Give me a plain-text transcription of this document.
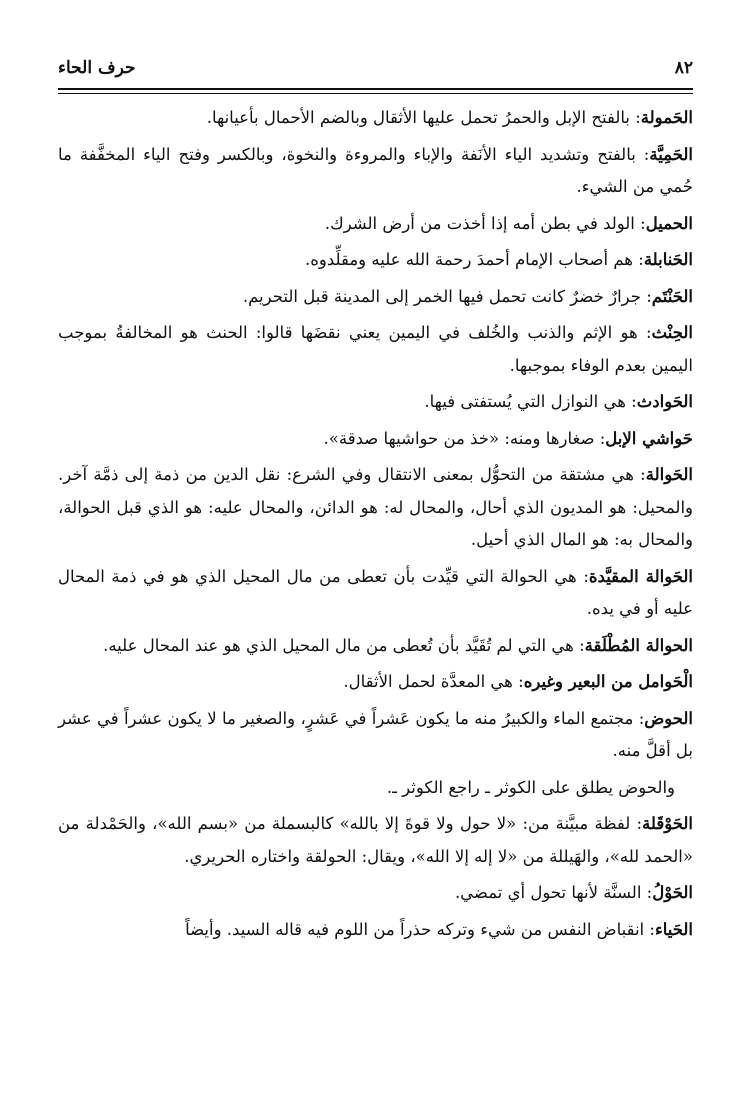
٨٢
حرف الحاء

الحَمولة: بالفتح الإبل والحمرُ تحمل عليها الأثقال وبالضم الأحمال بأعيانها.

الحَمِيَّة: بالفتح وتشديد الياء الأنَفة والإباء والمروءة والنخوة، وبالكسر وفتح الياء المخفَّفة ما حُمي من الشيء.

الحميل: الولد في بطن أمه إذا أخذت من أرض الشرك.

الحَنابلة: هم أصحاب الإمام أحمدَ رحمة الله عليه ومقلِّدوه.

الحَنْتَم: جرارٌ خضرٌ كانت تحمل فيها الخمر إلى المدينة قبل التحريم.

الحِنْث: هو الإثم والذنب والخُلف في اليمين يعني نقضَها قالوا: الحنث هو المخالفةُ بموجب اليمين بعدم الوفاء بموجبها.

الحَوادث: هي النوازل التي يُستفتى فيها.

حَواشي الإبل: صغارها ومنه: «خذ من حواشيها صدقة».

الحَوالة: هي مشتقة من التحوُّل بمعنى الانتقال وفي الشرع: نقل الدين من ذمة إلى ذمَّة آخر. والمحيل: هو المديون الذي أحال، والمحال له: هو الدائن، والمحال عليه: هو الذي قبل الحوالة، والمحال به: هو المال الذي أحيل.

الحَوالة المقيَّدة: هي الحوالة التي قيِّدت بأن تعطى من مال المحيل الذي هو في ذمة المحال عليه أو في يده.

الحوالة المُطْلَقة: هي التي لم تُقَيَّد بأن تُعطى من مال المحيل الذي هو عند المحال عليه.

الْحَوامل من البعير وغيره: هي المعدَّة لحمل الأثقال.

الحوض: مجتمع الماء والكبيرُ منه ما يكون عَشراً في عَشرٍ، والصغير ما لا يكون عشراً في عشر بل أقلَّ منه.

والحوض يطلق على الكوثر ـ راجع الكوثر ـ.

الحَوْقَلة: لفظة مبيَّنة من: «لا حول ولا قوةَ إلا بالله» كالبسملة من «بسم الله»، والحَمْدلة من «الحمد لله»، والهَيللة من «لا إله إلا الله»، ويقال: الحولقة واختاره الحريري.

الحَوْلُ: السنَّة لأنها تحول أي تمضي.

الحَياء: انقباض النفس من شيء وتركه حذراً من اللوم فيه قاله السيد. وأيضاً
